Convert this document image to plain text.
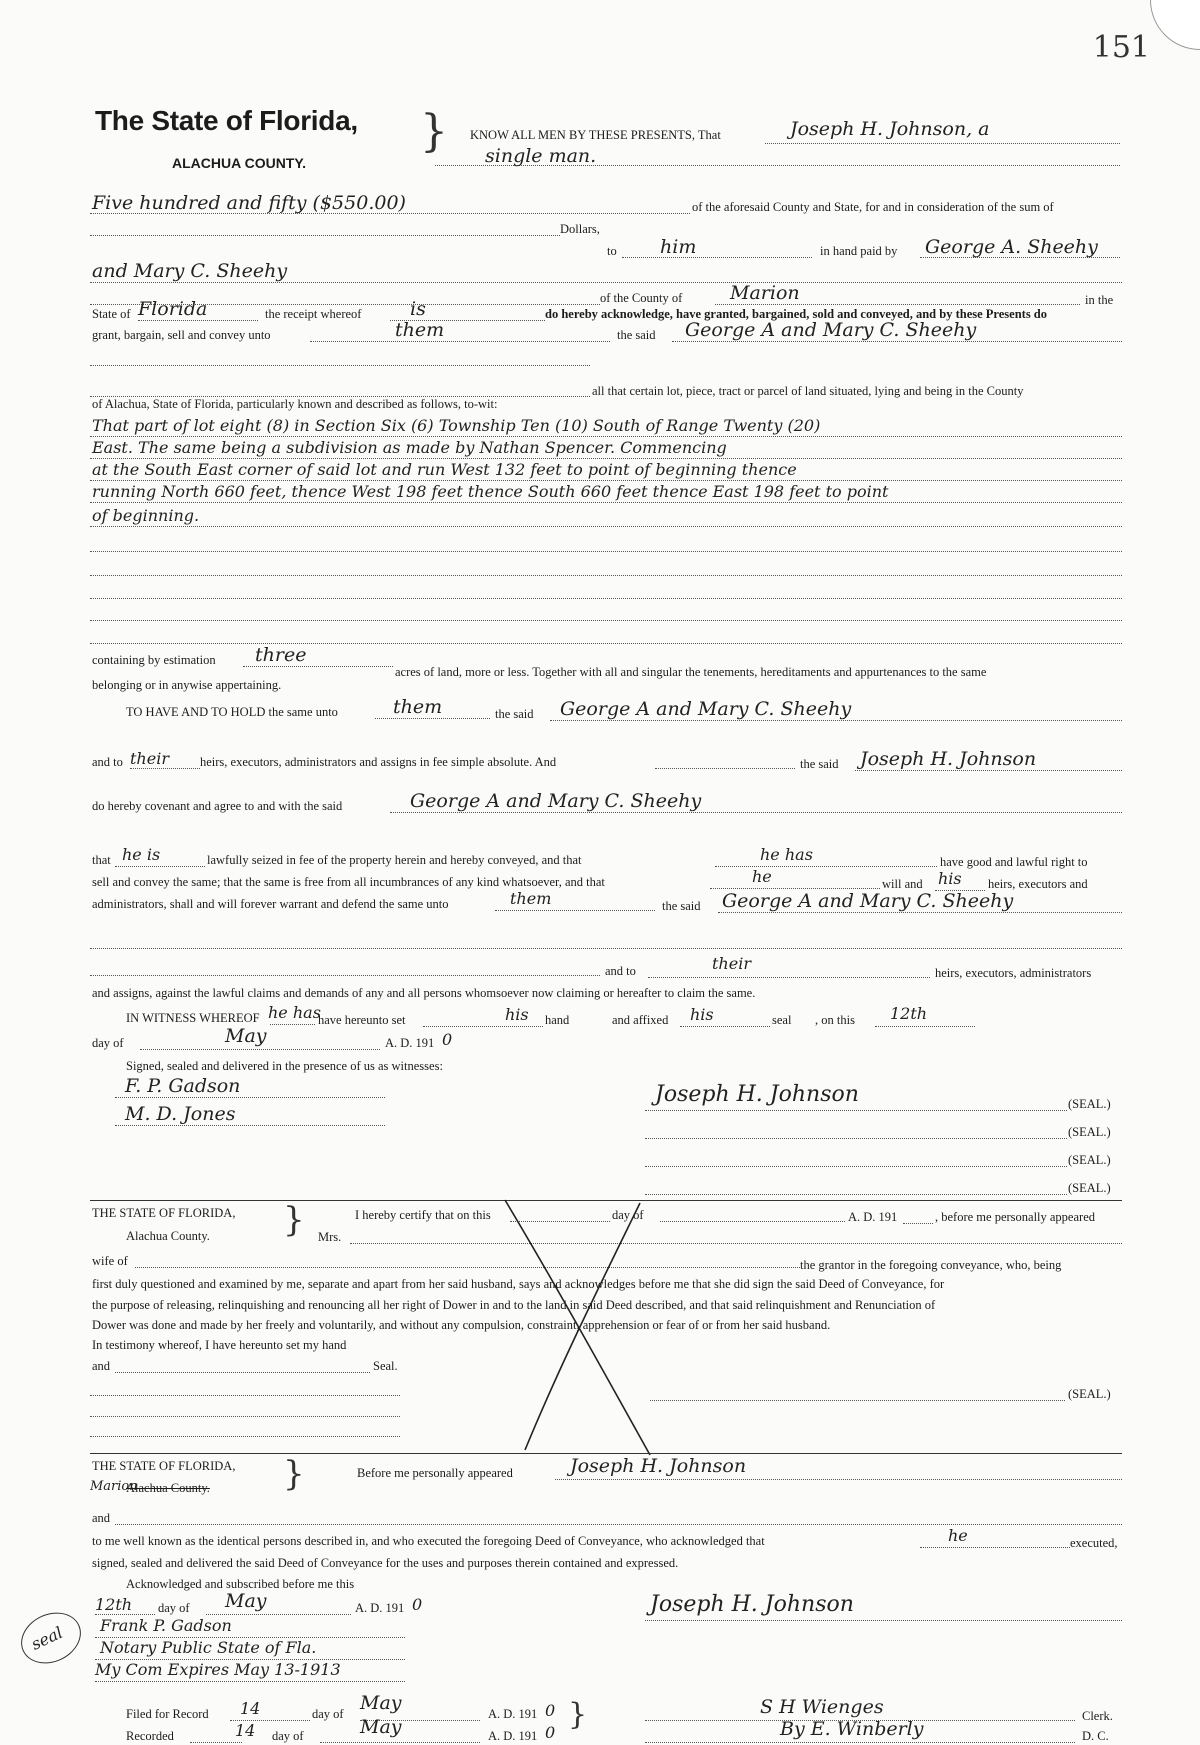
151
The State of Florida,
ALACHUA COUNTY.
} KNOW ALL MEN BY THESE PRESENTS, That	Joseph H. Johnson, a
single man.
Five hundred and fifty ($550.00)	of the aforesaid County and State, for and in consideration of the sum of
Dollars,
to him	in hand paid by George A. Sheehy
and Mary C. Sheehy
of the County of	Marion	in the
State of Florida	the receipt whereof	is	do hereby acknowledge, have granted, bargained, sold and conveyed, and by these Presents do
grant, bargain, sell and convey unto	them	the said George A and Mary C. Sheehy
all that certain lot, piece, tract or parcel of land situated, lying and being in the County
of Alachua, State of Florida, particularly known and described as follows, to-wit:
That part of lot eight (8) in Section Six (6) Township Ten (10) South of Range Twenty (20)
East. The same being a subdivision as made by Nathan Spencer. Commencing
at the South East corner of said lot and run West 132 feet to point of beginning thence
running North 660 feet, thence West 198 feet thence South 660 feet thence East 198 feet to point
of beginning.
containing by estimation three
acres of land, more or less. Together with all and singular the tenements, hereditaments and appurtenances to the same
belonging or in anywise appertaining.
TO HAVE AND TO HOLD the same unto	them	the said George A and Mary C. Sheehy
and to their heirs, executors, administrators and assigns in fee simple absolute. And	the said Joseph H. Johnson
do hereby covenant and agree to and with the said	George A and Mary C. Sheehy
that he is	lawfully seized in fee of the property herein and hereby conveyed, and that	he has	have good and lawful right to
sell and convey the same; that the same is free from all incumbrances of any kind whatsoever, and that	he	will and his heirs, executors and
administrators, shall and will forever warrant and defend the same unto	them	the said George A and Mary C. Sheehy
and to	their	heirs, executors, administrators
and assigns, against the lawful claims and demands of any and all persons whomsoever now claiming or hereafter to claim the same.
IN WITNESS WHEREOF he has
have hereunto set	his hand	and affixed his	seal , on this 12th
day of	May	A. D. 191 0
Signed, sealed and delivered in the presence of us as witnesses:
F. P. Gadson
M. D. Jones
Joseph H. Johnson	(SEAL.)
(SEAL.)
(SEAL.)
(SEAL.)
THE STATE OF FLORIDA,
Alachua County. }	I hereby certify that on this	day of	A. D. 191	, before me personally appeared
Mrs.
wife of	the grantor in the foregoing conveyance, who, being
first duly questioned and examined by me, separate and apart from her said husband, says and acknowledges before me that she did sign the said Deed of Conveyance, for
the purpose of releasing, relinquishing and renouncing all her right of Dower in and to the land in said Deed described, and that said relinquishment and Renunciation of
Dower was done and made by her freely and voluntarily, and without any compulsion, constraint, apprehension or fear of or from her said husband.
In testimony whereof, I have hereunto set my hand
and	Seal.
(SEAL.)
THE STATE OF FLORIDA,
Marion
Alachua County. }	Before me personally appeared	Joseph H. Johnson
and
to me well known as the identical persons described in, and who executed the foregoing Deed of Conveyance, who acknowledged that	he	executed,
signed, sealed and delivered the said Deed of Conveyance for the uses and purposes therein contained and expressed.
Acknowledged and subscribed before me this
12th day of May	A. D. 191 0
Frank P. Gadson
Notary Public State of Fla.
My Com Expires May 13-1913
seal
Joseph H. Johnson
Filed for Record 14	day of May	A. D. 191 0
Recorded	14 day of	May	A. D. 191 0
}	S H Wienges	Clerk.
By E. Winberly	D. C.
